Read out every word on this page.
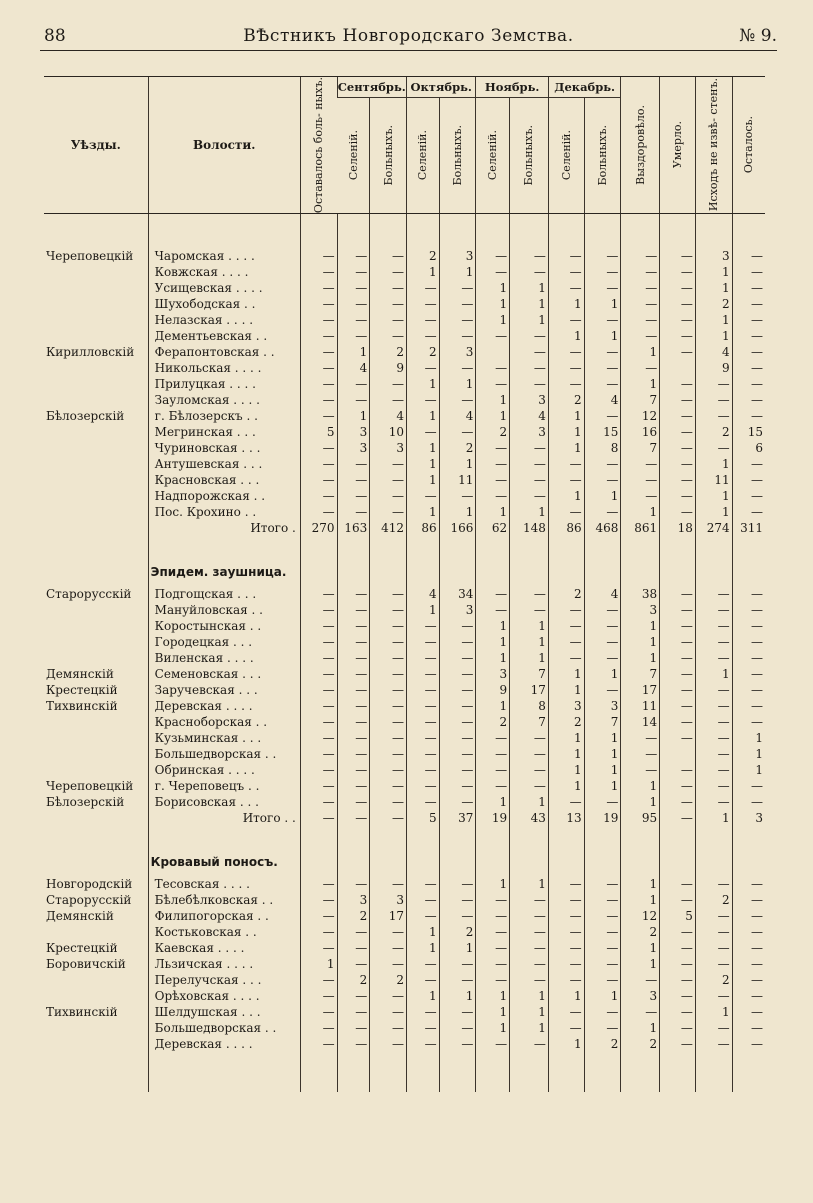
88	ВѢстникъ Новгородскаго Земства.	№ 9.
Уѣзды.	Волости.	Оставалось боль- ныхъ.	Сентябрь.		Октябрь.		Ноябрь.		Декабрь.		Выздоровѣло.	Умерло.	Исходъ не извѣ- стенъ.	Осталось.

			Селеній.	Больныхъ.	Селеній.	Больныхъ.	Селеній.	Больныхъ.	Селеній.	Больныхъ.				

Череповецкій	Чаромская . . . .	—	—	—	2	3	—	—	—	—	—	—	3	—
	Ковжская . . . .	—	—	—	1	1	—	—	—	—	—	—	1	—
	Усищевская . . . .	—	—	—	—	—	1	1	—	—	—	—	1	—
	Шухободская . .	—	—	—	—	—	1	1	1	1	—	—	2	—
	Нелазская . . . .	—	—	—	—	—	1	1	—	—	—	—	1	—
	Дементьевская . .	—	—	—	—	—	—	—	1	1	—	—	1	—
Кирилловскій	Ферапонтовская . .	—	1	2	2	3		—	—	—	1	—	4	—
	Никольская . . . .	—	4	9	—	—	—	—	—	—	—		9	—
	Прилуцкая . . . .	—	—	—	1	1	—	—	—	—	1	—	—	—
	Зауломская . . . .	—	—	—	—	—	1	3	2	4	7	—	—	—
Бѣлозерскій	г. Бѣлозерскъ . .	—	1	4	1	4	1	4	1	—	12	—	—	—
	Мегринская . . .	5	3	10	—	—	2	3	1	15	16	—	2	15
	Чуриновская . . .	—	3	3	1	2	—	—	1	8	7	—	—	6
	Антушевская . . .	—	—	—	1	1	—	—	—	—	—	—	1	—
	Красновская . . .	—	—	—	1	11	—	—	—	—	—	—	11	—
	Надпорожская . .	—	—	—	—	—	—	—	1	1	—	—	1	—
	Пос. Крохино . .	—	—	—	1	1	1	1	—	—	1	—	1	—
	Итого .	270	163	412	86	166	62	148	86	468	861	18	274	311
	Эпидем. заушница.													
Старорусскій	Подгощская . . .	—	—	—	4	34	—	—	2	4	38	—	—	—
	Мануйловская . .	—	—	—	1	3	—	—	—	—	3	—	—	—
	Коростынская . .	—	—	—	—	—	1	1	—	—	1	—	—	—
	Городецкая . . .	—	—	—	—	—	1	1	—	—	1	—	—	—
	Виленская . . . .	—	—	—	—	—	1	1	—	—	1	—	—	—
Демянскій	Семеновская . . .	—	—	—	—	—	3	7	1	1	7	—	1	—
Крестецкій	Заручевская . . .	—	—	—	—	—	9	17	1	—	17	—	—	—
Тихвинскій	Деревская . . . .	—	—	—	—	—	1	8	3	3	11	—	—	—
	Красноборская . .	—	—	—	—	—	2	7	2	7	14	—	—	—
	Кузьминская . . .	—	—	—	—	—	—	—	1	1	—	—	—	1
	Большедворская . .	—	—	—	—	—	—	—	1	1	—		—	1
	Обринская . . . .	—	—	—	—	—	—	—	1	1	—	—	—	1
Череповецкій	г. Череповецъ . .	—	—	—	—	—	—	—	1	1	1	—	—	—
Бѣлозерскій	Борисовская . . .	—	—	—	—	—	1	1	—	—	1	—	—	—
	Итого . .	—	—	—	5	37	19	43	13	19	95	—	1	3
	Кровавый поносъ.													
Новгородскій	Тесовская . . . .	—	—	—	—	—	1	1	—	—	1	—	—	—
Старорусскій	Бѣлебѣлковская . .	—	3	3	—	—	—	—	—	—	1	—	2	—
Демянскій	Филипогорская . .	—	2	17	—	—	—	—	—	—	12	5	—	—
	Костьковская . .	—	—	—	1	2	—	—	—	—	2	—	—	—
Крестецкій	Каевская . . . .	—	—	—	1	1	—	—	—	—	1	—	—	—
Боровичскій	Льзичская . . . .	1	—	—	—	—	—	—	—	—	1	—	—	—
	Перелучская . . .	—	2	2	—	—	—	—	—	—	—	—	2	—
	Орѣховская . . . .	—	—	—	1	1	1	1	1	1	3	—	—	—
Тихвинскій	Шелдушская . . .	—	—	—	—	—	1	1	—	—	—	—	1	—
	Большедворская . .	—	—	—	—	—	1	1	—	—	1	—	—	—
	Деревская . . . .	—	—	—	—	—	—	—	1	2	2	—	—	—
